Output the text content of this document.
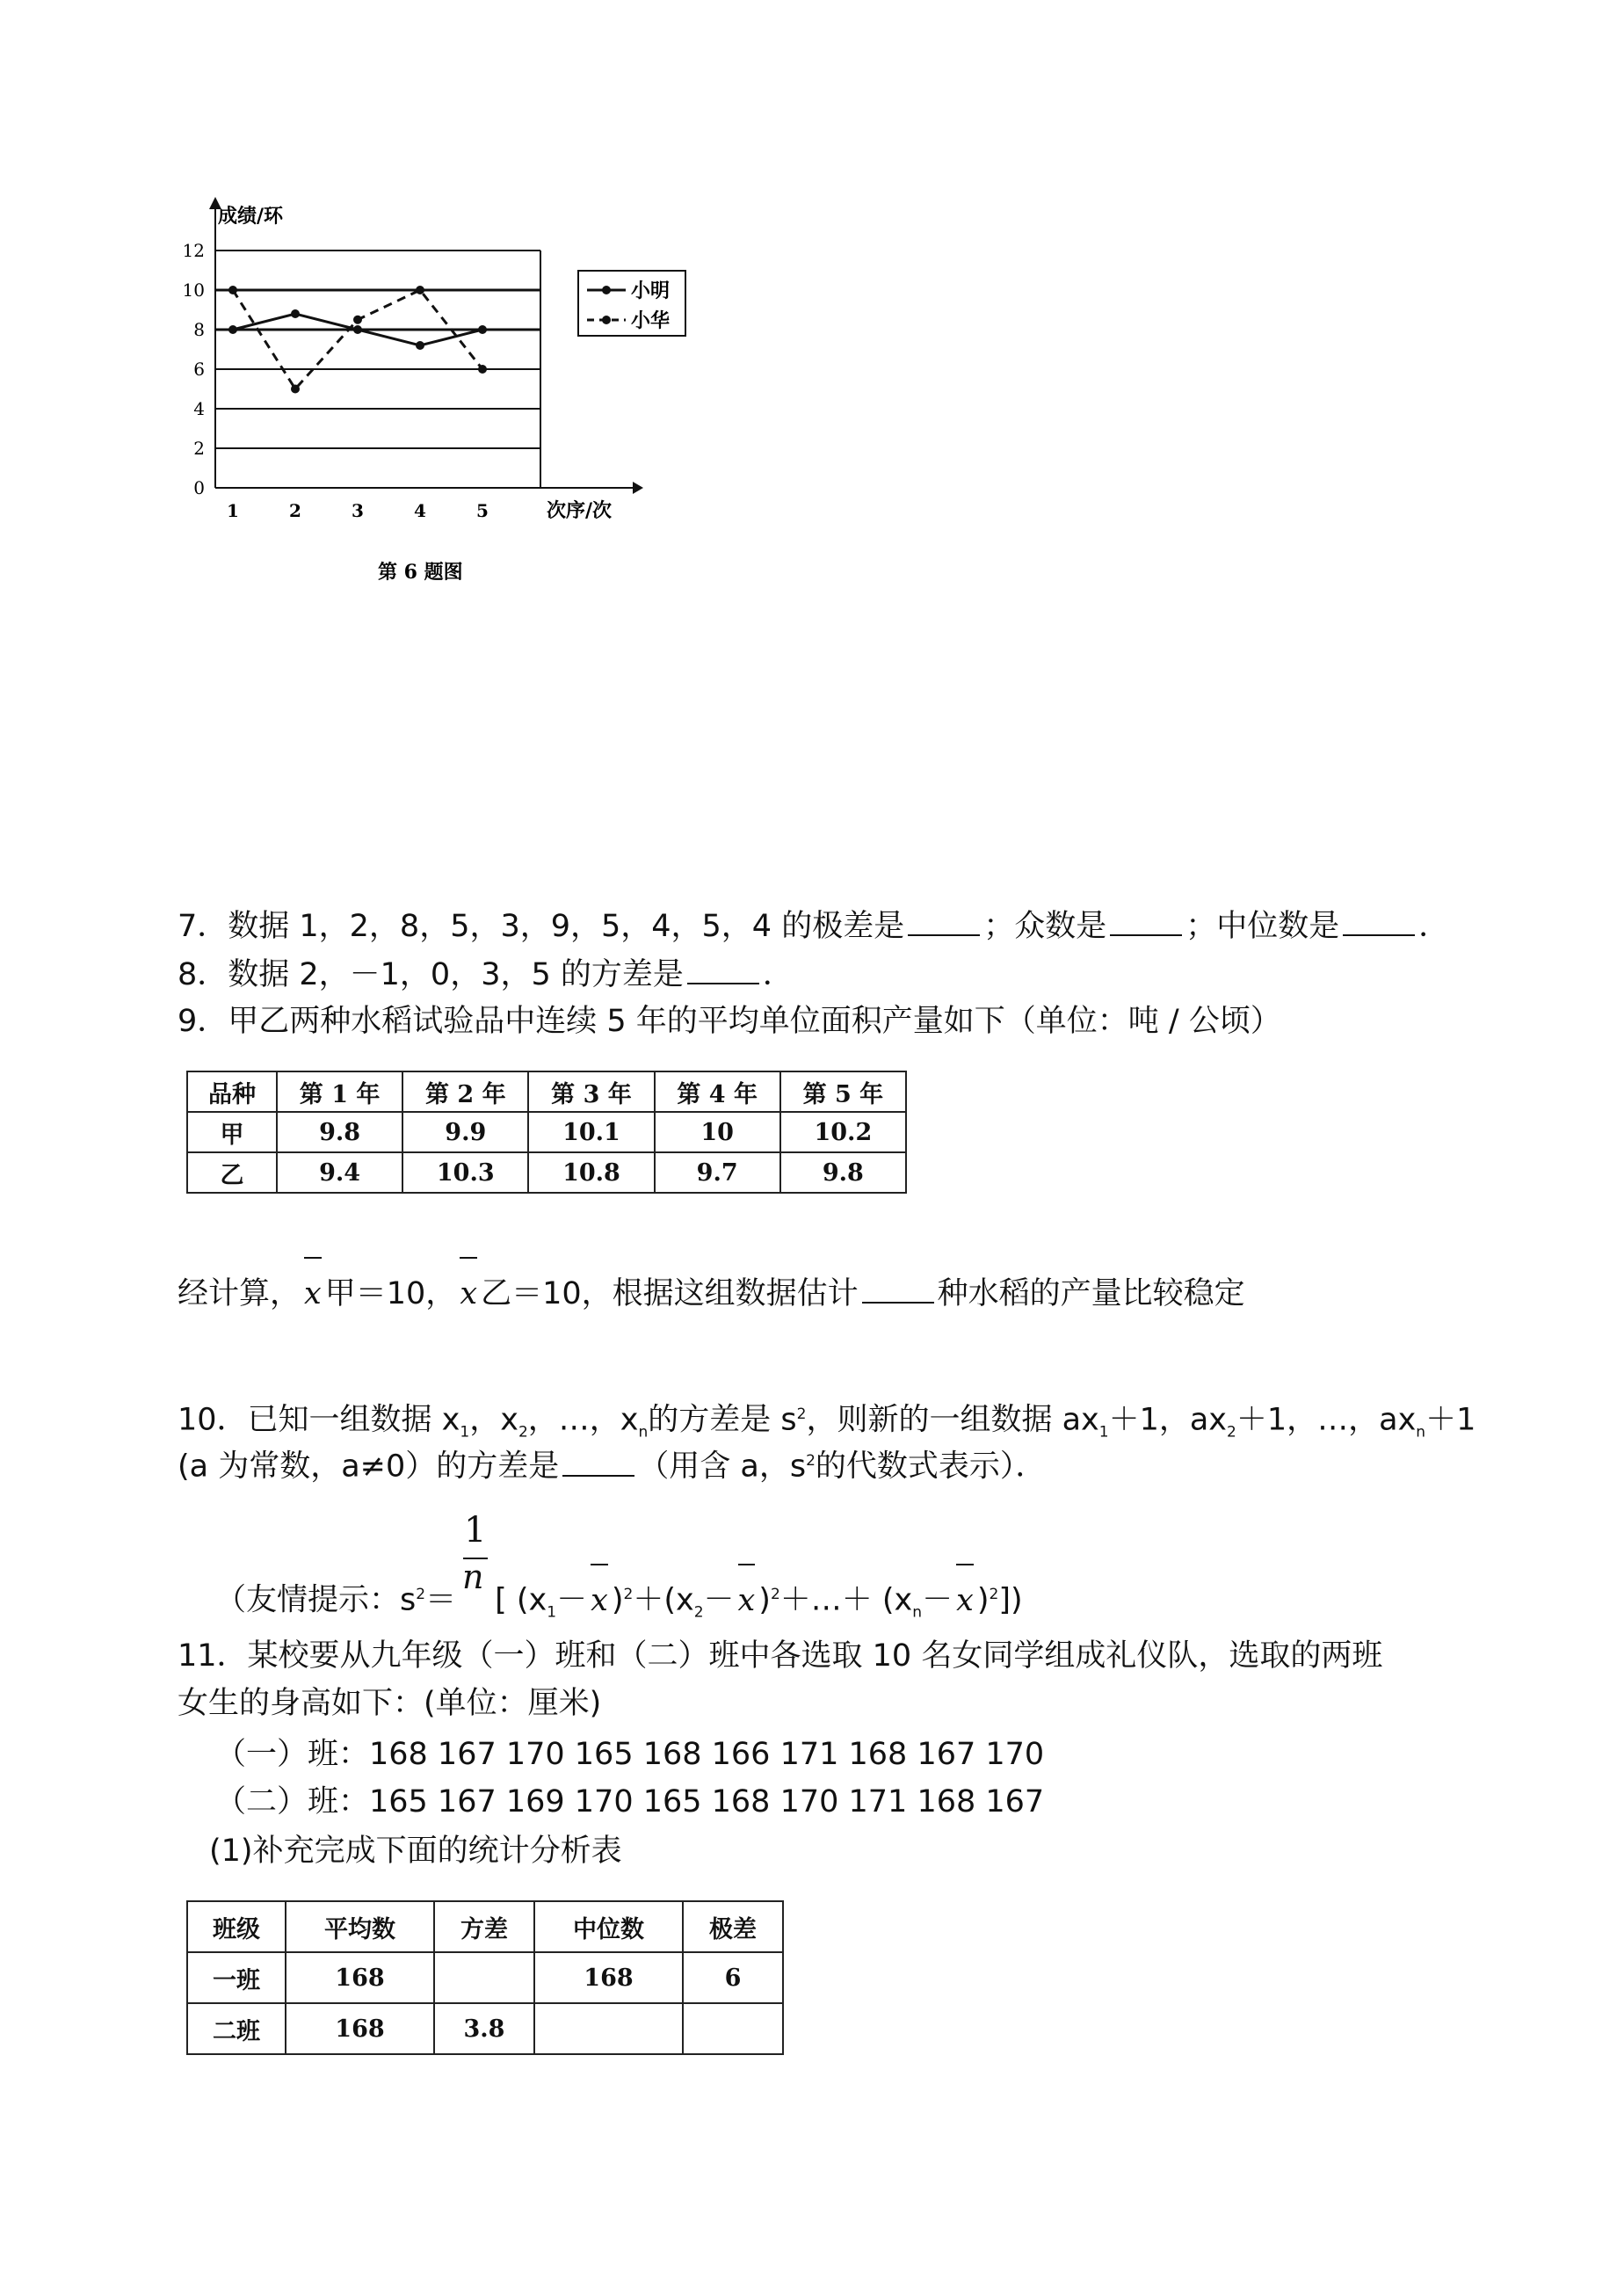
0
2
4
6
8
10
12
1	2	3	4	5
小明
小华
成绩/环
次序/次
第 6 题图
7．数据 1，2，8，5，3，9，5，4，5，4 的极差是	；众数是	；中位数是	．
8．数据 2，－1，0，3，5 的方差是	．
9．甲乙两种水稻试验品中连续 5 年的平均单位面积产量如下（单位：吨 / 公顷）
品种	第 1 年	第 2 年	第 3 年	第 4 年	第 5 年
甲	9.8	9.9	10.1	10	10.2
乙	9.4	10.3	10.8	9.7	9.8
经计算， x 甲＝10， x 乙＝10，根据这组数据估计	种水稻的产量比较稳定
10．已知一组数据 $x_1$，$x_2$，…，$x_n$的方差是 $s^2$，则新的一组数据 $ax_1+1$，$ax_2+1$，…，$ax_n+1$
(a 为常数，a≠0）的方差是	（用含 a，$s^2$的代数式表示）．
1
n
（友情提示：$s^2=$ [ ($x_1- x$ )$^2+(x_2- x$ )$^2$＋…＋ ($x_n- x$ )$^2$])
11．某校要从九年级（一）班和（二）班中各选取 10 名女同学组成礼仪队，选取的两班
女生的身高如下：(单位：厘米)
（一）班：168 167 170 165 168 166 171 168 167 170
（二）班：165 167 169 170 165 168 170 171 168 167
(1)补充完成下面的统计分析表
班级	平均数	方差	中位数	极差
一班	168		168	6
二班	168	3.8		
